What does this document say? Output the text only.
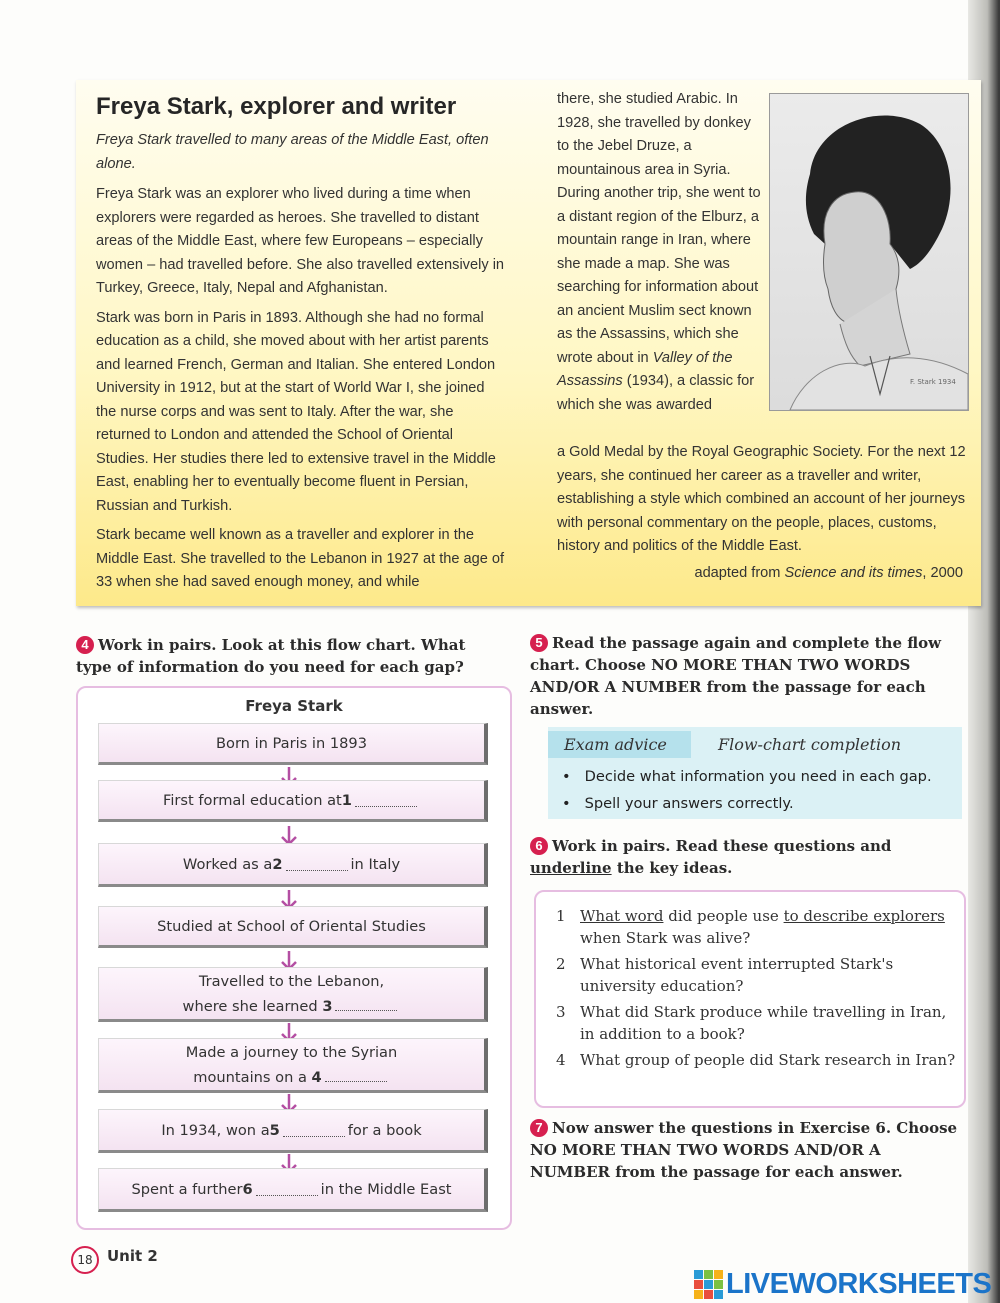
Freya Stark, explorer and writer

Freya Stark travelled to many areas of the Middle East, often alone.

Freya Stark was an explorer who lived during a time when explorers were regarded as heroes. She travelled to distant areas of the Middle East, where few Europeans – especially women – had travelled before. She also travelled extensively in Turkey, Greece, Italy, Nepal and Afghanistan.

Stark was born in Paris in 1893. Although she had no formal education as a child, she moved about with her artist parents and learned French, German and Italian. She entered London University in 1912, but at the start of World War I, she joined the nurse corps and was sent to Italy. After the war, she returned to London and attended the School of Oriental Studies. Her studies there led to extensive travel in the Middle East, enabling her to eventually become fluent in Persian, Russian and Turkish.

Stark became well known as a traveller and explorer in the Middle East. She travelled to the Lebanon in 1927 at the age of 33 when she had saved enough money, and while

there, she studied Arabic. In 1928, she travelled by donkey to the Jebel Druze, a mountainous area in Syria. During another trip, she went to a distant region of the Elburz, a mountain range in Iran, where she made a map. She was searching for information about an ancient Muslim sect known as the Assassins, which she wrote about in Valley of the Assassins (1934), a classic for which she was awarded

a Gold Medal by the Royal Geographic Society. For the next 12 years, she continued her career as a traveller and writer, establishing a style which combined an account of her journeys with personal commentary on the people, places, customs, history and politics of the Middle East.

adapted from Science and its times, 2000
F. Stark 1934
4 Work in pairs. Look at this flow chart. What type of information do you need for each gap?
Freya Stark
Born in Paris in 1893
First formal education at 1
Worked as a 2	in Italy
Studied at School of Oriental Studies
Travelled to the Lebanon,
where she learned 3
Made a journey to the Syrian
mountains on a 4
In 1934, won a 5	for a book
Spent a further 6	in the Middle East
5 Read the passage again and complete the flow chart. Choose NO MORE THAN TWO WORDS AND/OR A NUMBER from the passage for each answer.
Exam advice	Flow-chart completion
• Decide what information you need in each gap.
• Spell your answers correctly.
6 Work in pairs. Read these questions and underline the key ideas.
1 What word did people use to describe explorers when Stark was alive?
2 What historical event interrupted Stark's university education?
3 What did Stark produce while travelling in Iran, in addition to a book?
4 What group of people did Stark research in Iran?
7 Now answer the questions in Exercise 6. Choose NO MORE THAN TWO WORDS AND/OR A NUMBER from the passage for each answer.
18 Unit 2
LIVEWORKSHEETS
